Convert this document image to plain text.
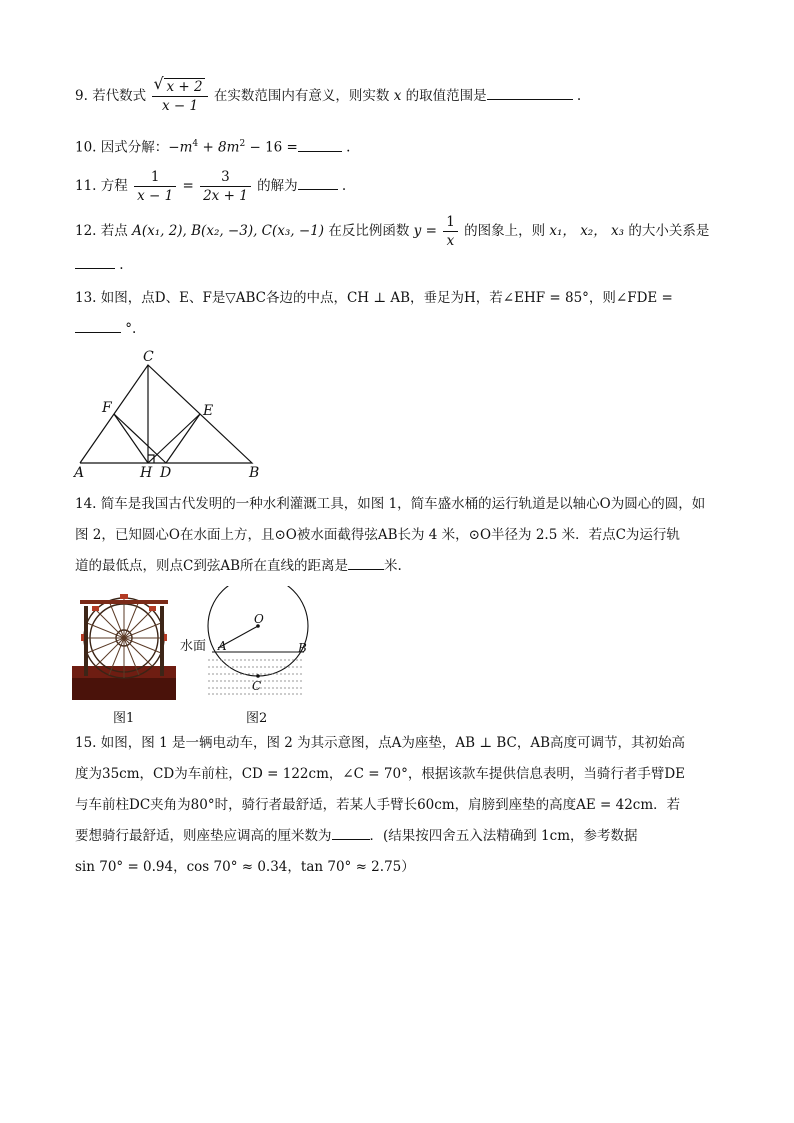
9. 若代数式
√ $\frac{x + 2}{x - 1}$ 在实数范围内有意义，则实数 x 的取值范围是	.
10. 因式分解：$-m^4 + 8m^2 - 16$ =	.
11. 方程 $\frac{1}{x - 1} = \frac{3}{2x + 1}$ 的解为	.
12. 若点 A(x₁, 2), B(x₂, −3), C(x₃, −1) 在反比例函数 $y = \frac{1}{x}$ 的图象上，则 x₁， x₂， x₃ 的大小关系是
.
13. 如图，点D、E、F是▽ABC各边的中点，CH ⊥ AB，垂足为H，若∠EHF = 85°，则∠FDE =
°.
C
F	E
A	H D	B
14. 简车是我国古代发明的一种水利灌溉工具，如图 1，简车盛水桶的运行轨道是以轴心O为圆心的圆，如
图 2，已知圆心O在水面上方，且⊙O被水面截得弦AB长为 4 米，⊙O半径为 2.5 米．若点C为运行轨
道的最低点，则点C到弦AB所在直线的距离是	米.
图1
O
A	B
C
水面
图2
15. 如图，图 1 是一辆电动车，图 2 为其示意图，点A为座垫，AB ⊥ BC，AB高度可调节，其初始高
度为35cm，CD为车前柱，CD = 122cm，∠C = 70°，根据该款车提供信息表明，当骑行者手臂DE
与车前柱DC夹角为80°时，骑行者最舒适，若某人手臂长60cm，肩膀到座垫的高度AE = 42cm．若
要想骑行最舒适，则座垫应调高的厘米数为	．(结果按四舍五入法精确到 1cm，参考数据
sin 70° = 0.94，cos 70° ≈ 0.34，tan 70° ≈ 2.75）
